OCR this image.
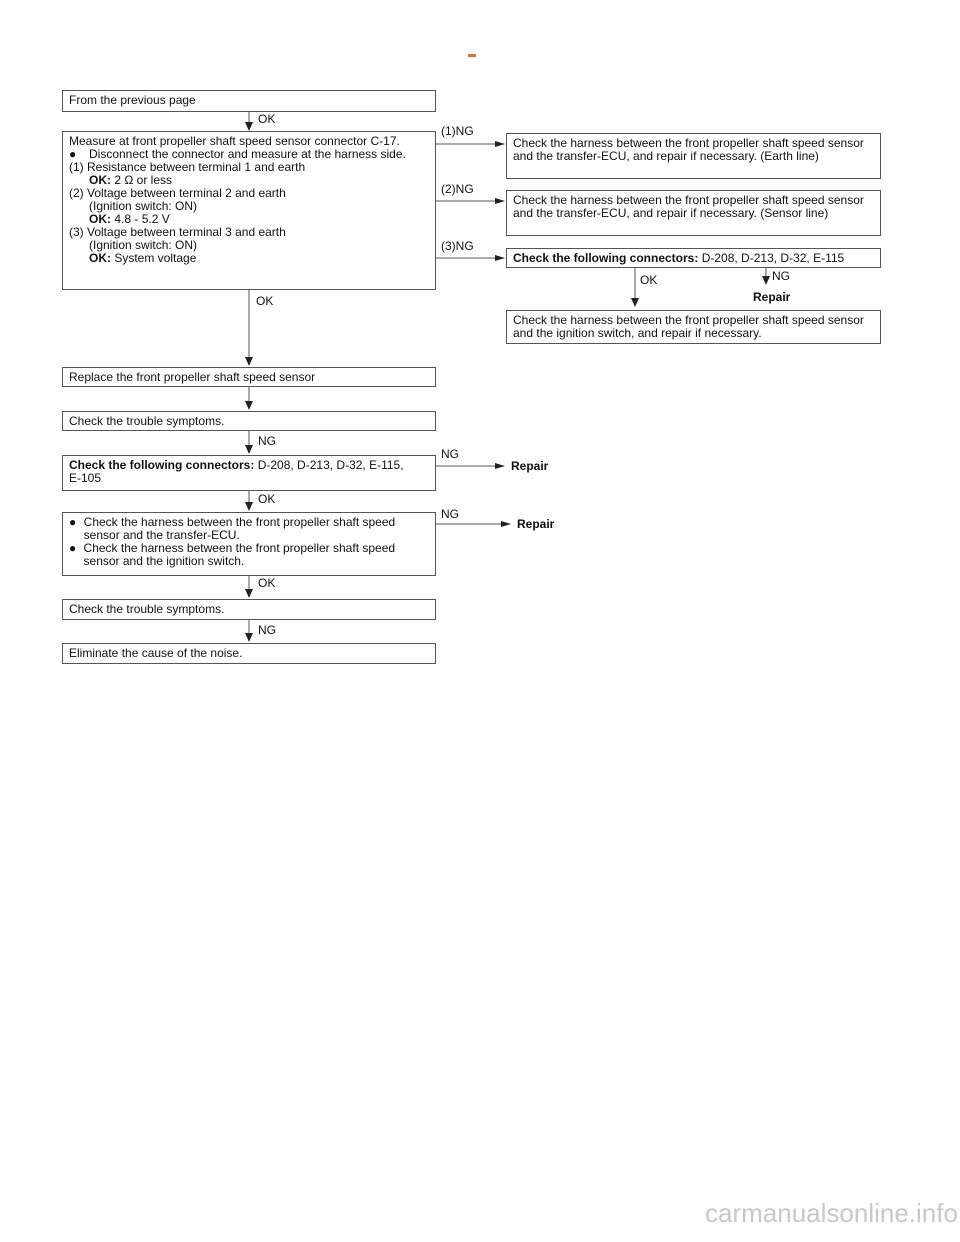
From the previous page
OK
Measure at front propeller shaft speed sensor connector C-17.
●	Disconnect the connector and measure at the harness side.
(1) Resistance between terminal 1 and earth
OK: 2 Ω or less
(2) Voltage between terminal 2 and earth
(Ignition switch: ON)
OK: 4.8 - 5.2 V
(3) Voltage between terminal 3 and earth
(Ignition switch: ON)
OK: System voltage
(1)NG
(2)NG
(3)NG
Check the harness between the front propeller shaft speed sensor and the transfer-ECU, and repair if necessary. (Earth line)
Check the harness between the front propeller shaft speed sensor and the transfer-ECU, and repair if necessary. (Sensor line)
Check the following connectors: D-208, D-213, D-32, E-115
OK	NG
Repair
Check the harness between the front propeller shaft speed sensor and the ignition switch, and repair if necessary.
OK
Replace the front propeller shaft speed sensor
Check the trouble symptoms.
NG
Check the following connectors: D-208, D-213, D-32, E-115,
E-105
NG
Repair
OK
● Check the harness between the front propeller shaft speed sensor and the transfer-ECU.
● Check the harness between the front propeller shaft speed sensor and the ignition switch.
NG
Repair
OK
Check the trouble symptoms.
NG
Eliminate the cause of the noise.
carmanualsonline.info
